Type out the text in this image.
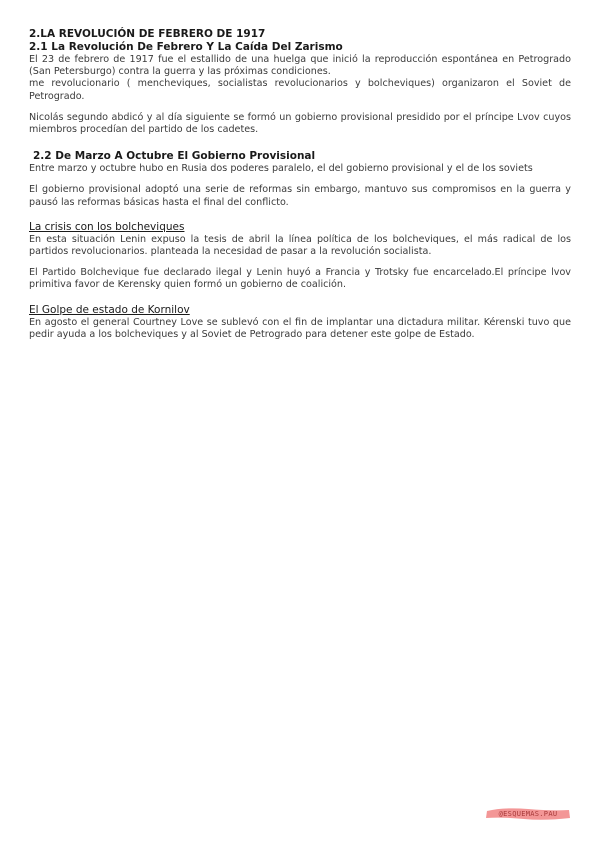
2.LA REVOLUCIÓN DE FEBRERO DE 1917
2.1 La Revolución De Febrero Y La Caída Del Zarismo

El 23 de febrero de 1917 fue el estallido de una huelga que inició la reproducción espontánea en Petrogrado (San Petersburgo) contra la guerra y las próximas condiciones.

me revolucionario ( mencheviques, socialistas revolucionarios y bolcheviques) organizaron el Soviet de Petrogrado.

Nicolás segundo abdicó y al día siguiente se formó un gobierno provisional presidido por el príncipe Lvov cuyos miembros procedían del partido de los cadetes.

2.2 De Marzo A Octubre El Gobierno Provisional

Entre marzo y octubre hubo en Rusia dos poderes paralelo, el del gobierno provisional y el de los soviets

El gobierno provisional adoptó una serie de reformas sin embargo, mantuvo sus compromisos en la guerra y pausó las reformas básicas hasta el final del conflicto.

La crisis con los bolcheviques

En esta situación Lenin expuso la tesis de abril la línea política de los bolcheviques, el más radical de los partidos revolucionarios. planteada la necesidad de pasar a la revolución socialista.

El Partido Bolchevique fue declarado ilegal y Lenin huyó a Francia y Trotsky fue encarcelado.El príncipe lvov primitiva favor de Kerensky quien formó un gobierno de coalición.

El Golpe de estado de Kornilov

En agosto el general Courtney Love se sublevó con el fin de implantar una dictadura militar. Kérenski tuvo que pedir ayuda a los bolcheviques y al Soviet de Petrogrado para detener este golpe de Estado.

@ESQUEMAS.PAU
